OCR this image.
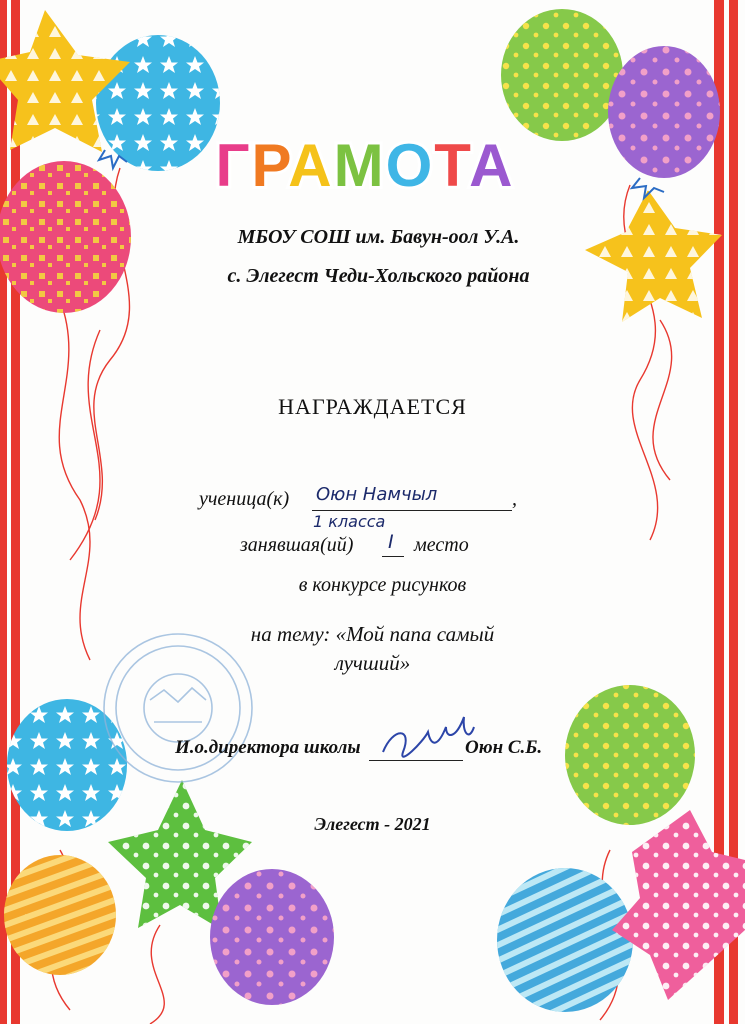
ГРАМОТА
МБОУ СОШ им. Бавун-оол У.А.
с. Элегест Чеди-Хольского района
НАГРАЖДАЕТСЯ
ученица(к) Оюн Намчыл	,
1 класса
занявшая(ий) I место
в конкурсе рисунков
на тему: «Мой папа самый
лучший»
И.о.директора школы	Оюн С.Б.
Элегест - 2021
